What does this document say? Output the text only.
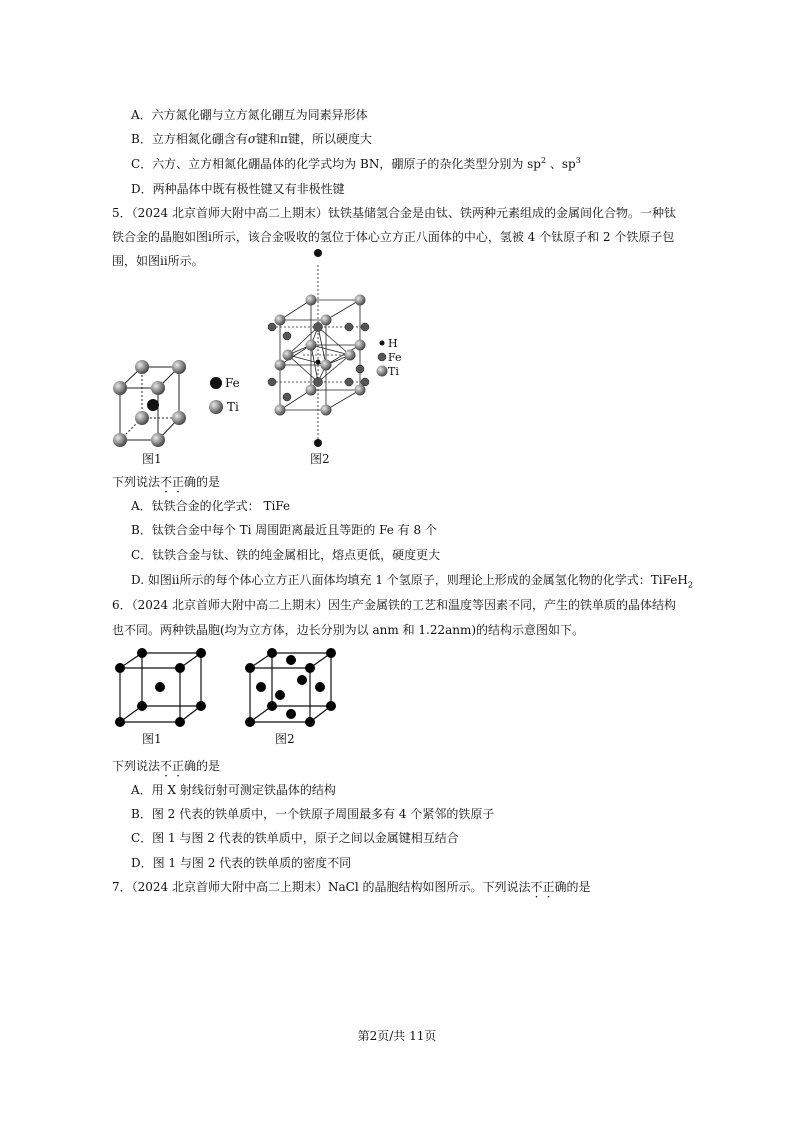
A．六方氮化硼与立方氮化硼互为同素异形体
B．立方相氮化硼含有σ键和π键，所以硬度大
C．六方、立方相氮化硼晶体的化学式均为 BN，硼原子的杂化类型分别为 $sp^2$ 、$sp^3$
D．两种晶体中既有极性键又有非极性键
5．（2024 北京首师大附中高二上期末）钛铁基储氢合金是由钛、铁两种元素组成的金属间化合物。一种钛
铁合金的晶胞如图i所示，该合金吸收的氢位于体心立方正八面体的中心，氢被 4 个钛原子和 2 个铁原子包
围，如图ii所示。
Fe
Ti
图1
H
Fe
Ti
图2
下列说法不正确的是
A．钛铁合金的化学式： TiFe
B．钛铁合金中每个 Ti 周围距离最近且等距的 Fe 有 8 个
C．钛铁合金与钛、铁的纯金属相比，熔点更低，硬度更大
D. 如图ii所示的每个体心立方正八面体均填充 1 个氢原子，则理论上形成的金属氢化物的化学式：TiFeH$_2$
6．（2024 北京首师大附中高二上期末）因生产金属铁的工艺和温度等因素不同，产生的铁单质的晶体结构
也不同。两种铁晶胞(均为立方体，边长分别为以 anm 和 1.22anm)的结构示意图如下。
图1	图2
下列说法不正确的是
A．用 X 射线衍射可测定铁晶体的结构
B．图 2 代表的铁单质中，一个铁原子周围最多有 4 个紧邻的铁原子
C．图 1 与图 2 代表的铁单质中，原子之间以金属键相互结合
D．图 1 与图 2 代表的铁单质的密度不同
7．（2024 北京首师大附中高二上期末）NaCl 的晶胞结构如图所示。下列说法不正确的是
第2页/共 11页
